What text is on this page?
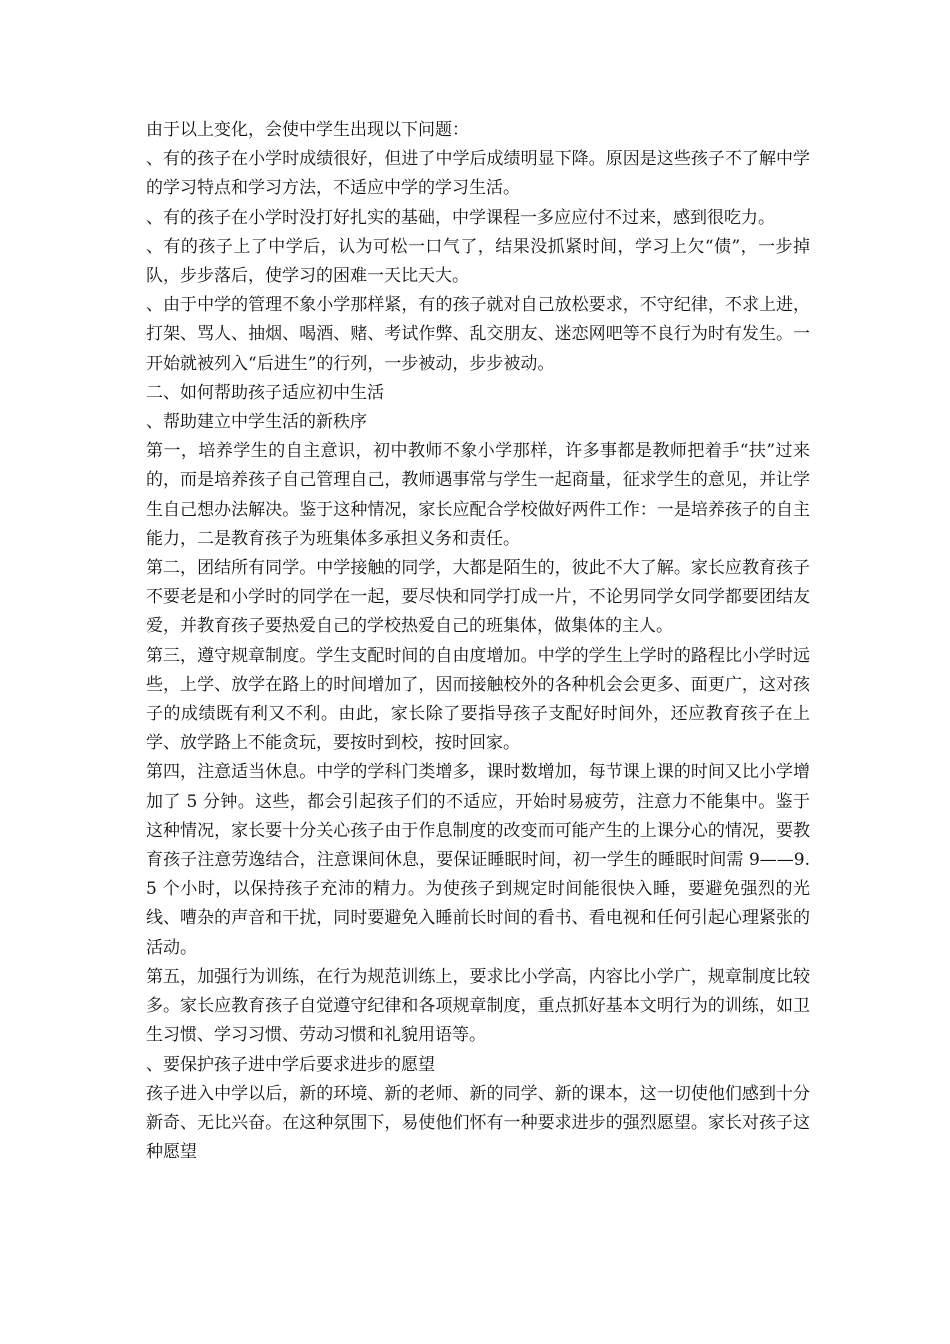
由于以上变化，会使中学生出现以下问题：

、有的孩子在小学时成绩很好，但进了中学后成绩明显下降。原因是这些孩子不了解中学的学习特点和学习方法，不适应中学的学习生活。

、有的孩子在小学时没打好扎实的基础，中学课程一多应应付不过来，感到很吃力。

、有的孩子上了中学后，认为可松一口气了，结果没抓紧时间，学习上欠“债”，一步掉队，步步落后，使学习的困难一天比天大。

、由于中学的管理不象小学那样紧，有的孩子就对自己放松要求，不守纪律，不求上进，打架、骂人、抽烟、喝酒、赌、考试作弊、乱交朋友、迷恋网吧等不良行为时有发生。一开始就被列入“后进生”的行列，一步被动，步步被动。

二、如何帮助孩子适应初中生活

、帮助建立中学生活的新秩序

第一，培养学生的自主意识，初中教师不象小学那样，许多事都是教师把着手“扶”过来的，而是培养孩子自己管理自己，教师遇事常与学生一起商量，征求学生的意见，并让学生自己想办法解决。鉴于这种情况，家长应配合学校做好两件工作：一是培养孩子的自主能力，二是教育孩子为班集体多承担义务和责任。

第二，团结所有同学。中学接触的同学，大都是陌生的，彼此不大了解。家长应教育孩子不要老是和小学时的同学在一起，要尽快和同学打成一片，不论男同学女同学都要团结友爱，并教育孩子要热爱自己的学校热爱自己的班集体，做集体的主人。

第三，遵守规章制度。学生支配时间的自由度增加。中学的学生上学时的路程比小学时远些，上学、放学在路上的时间增加了，因而接触校外的各种机会会更多、面更广，这对孩子的成绩既有利又不利。由此，家长除了要指导孩子支配好时间外，还应教育孩子在上学、放学路上不能贪玩，要按时到校，按时回家。

第四，注意适当休息。中学的学科门类增多，课时数增加，每节课上课的时间又比小学增加了 5 分钟。这些，都会引起孩子们的不适应，开始时易疲劳，注意力不能集中。鉴于这种情况，家长要十分关心孩子由于作息制度的改变而可能产生的上课分心的情况，要教育孩子注意劳逸结合，注意课间休息，要保证睡眠时间，初一学生的睡眠时间需 9——9.5 个小时，以保持孩子充沛的精力。为使孩子到规定时间能很快入睡，要避免强烈的光线、嘈杂的声音和干扰，同时要避免入睡前长时间的看书、看电视和任何引起心理紧张的活动。

第五，加强行为训练，在行为规范训练上，要求比小学高，内容比小学广，规章制度比较多。家长应教育孩子自觉遵守纪律和各项规章制度，重点抓好基本文明行为的训练，如卫生习惯、学习习惯、劳动习惯和礼貌用语等。

、要保护孩子进中学后要求进步的愿望

孩子进入中学以后，新的环境、新的老师、新的同学、新的课本，这一切使他们感到十分新奇、无比兴奋。在这种氛围下，易使他们怀有一种要求进步的强烈愿望。家长对孩子这种愿望
